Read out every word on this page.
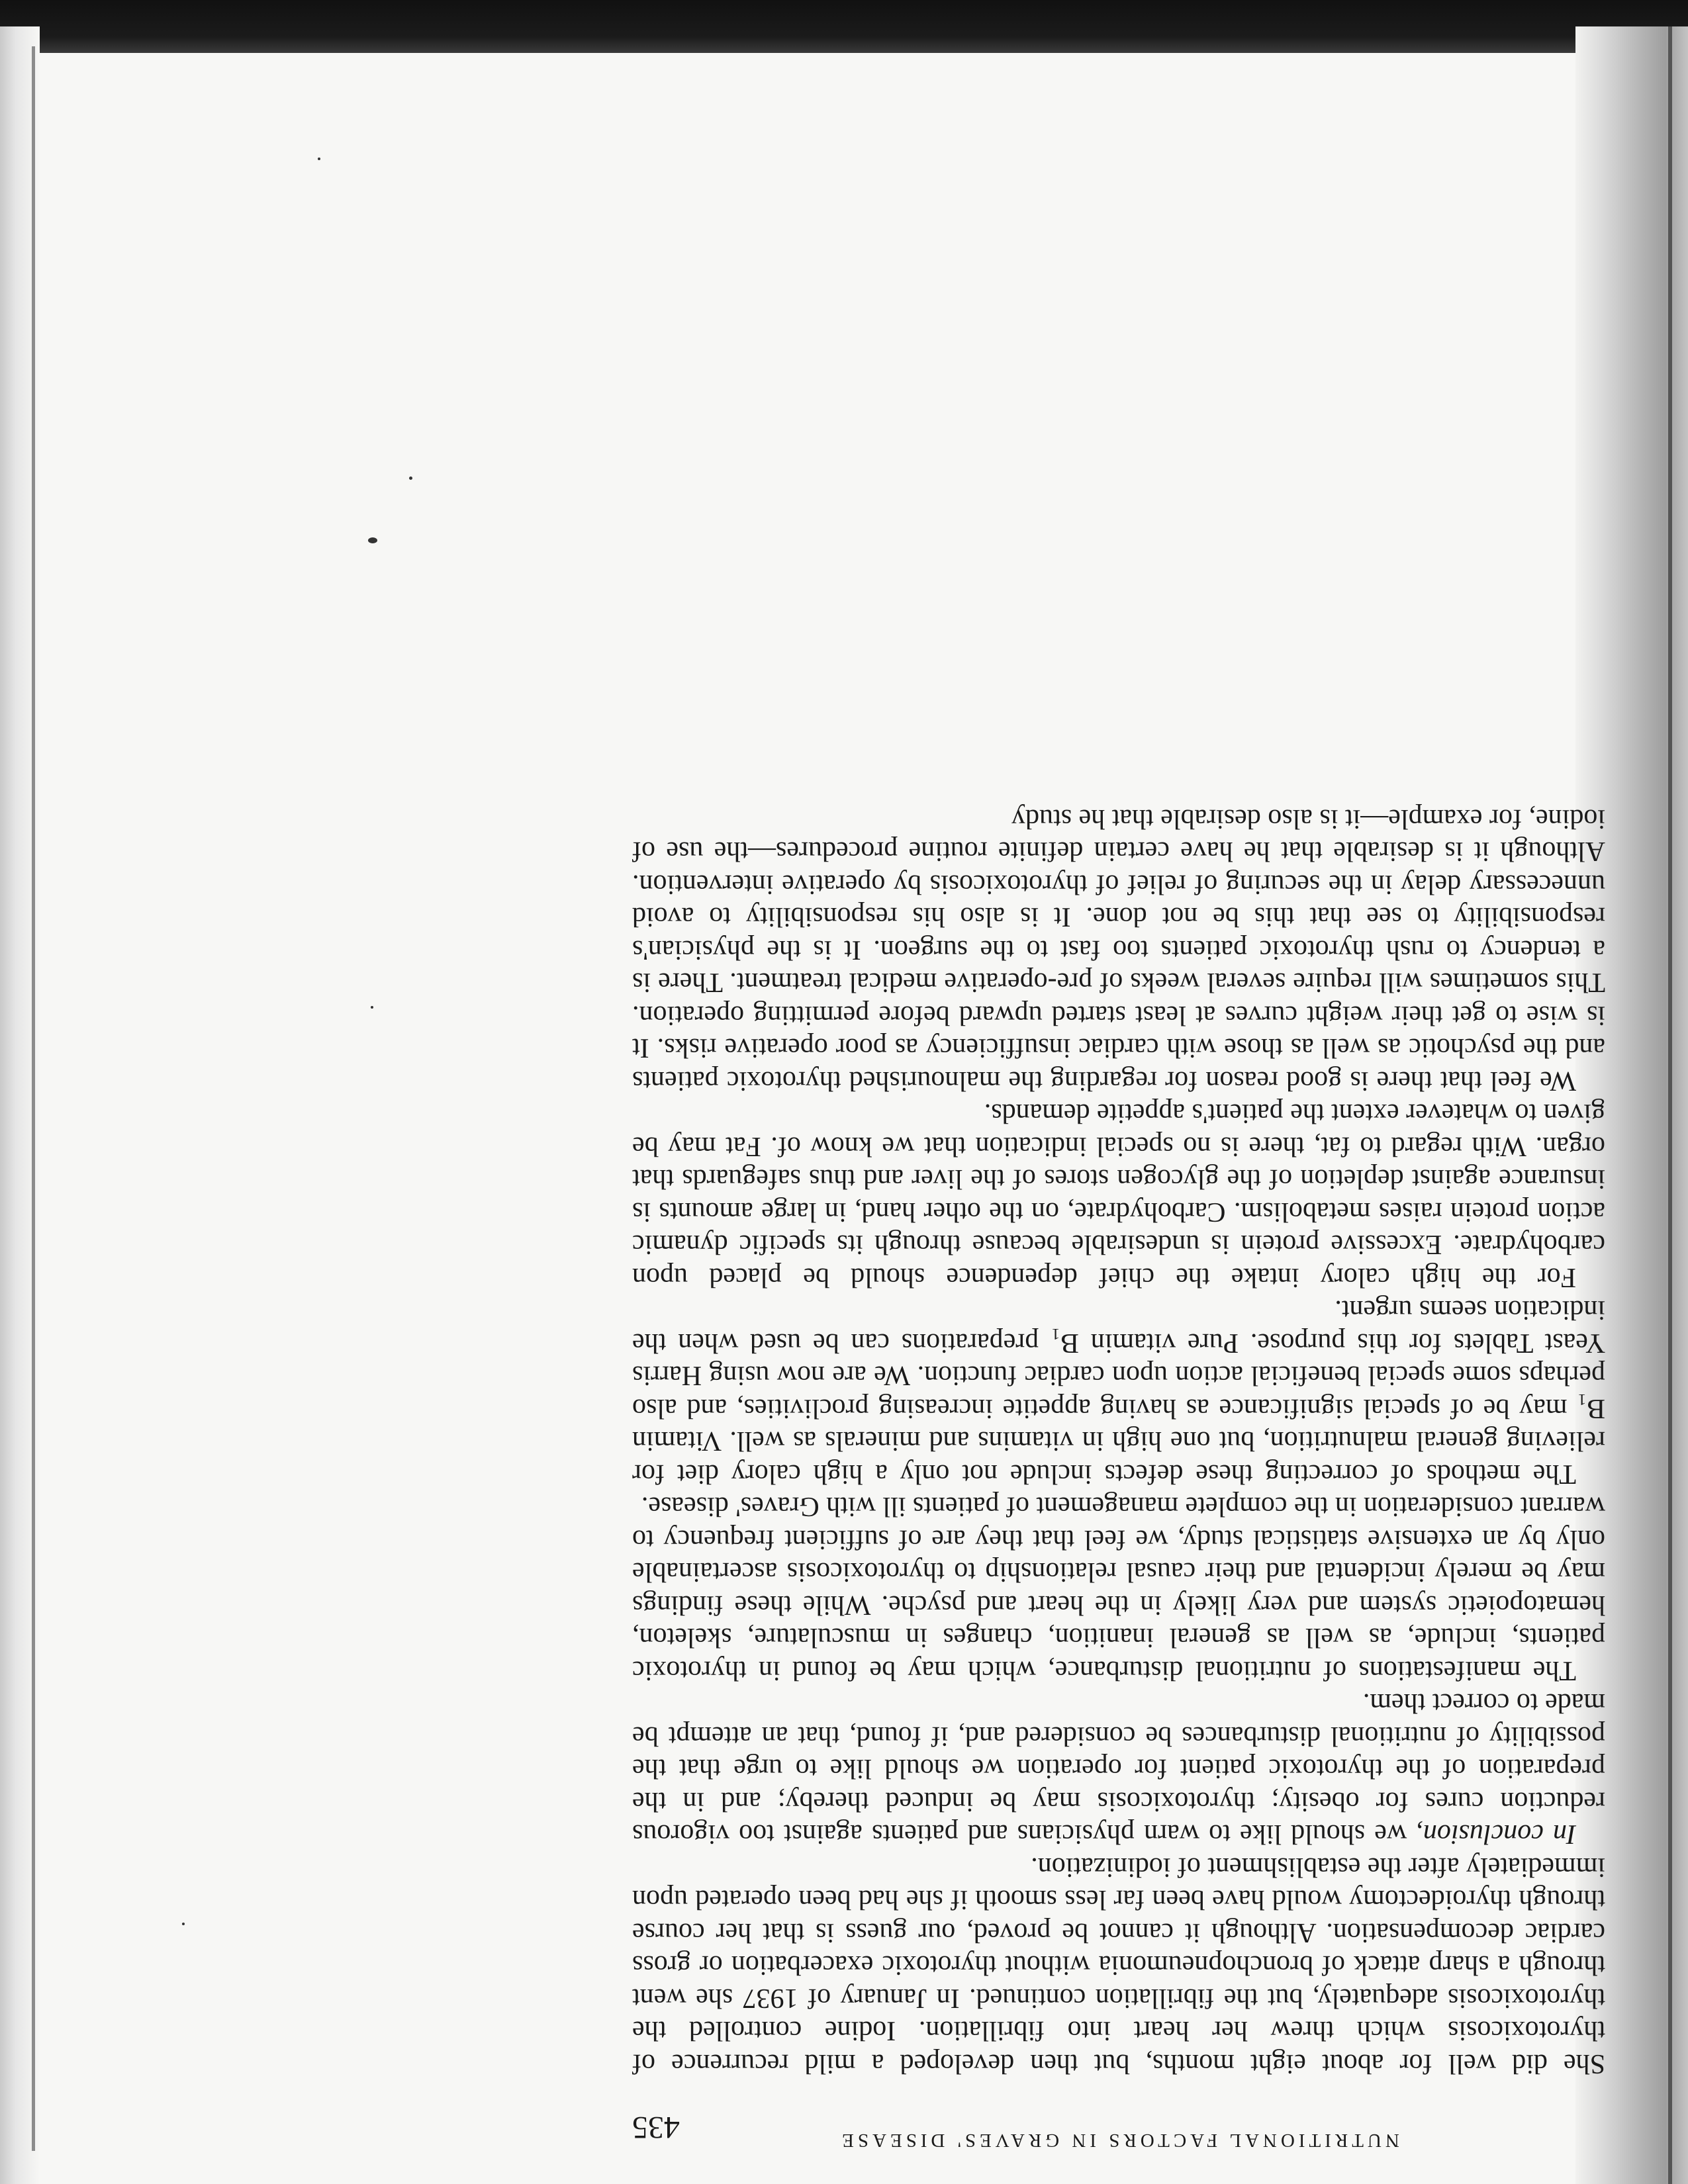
NUTRITIONAL FACTORS IN GRAVES' DISEASE
435

She did well for about eight months, but then developed a mild recurrence of thyrotoxicosis which threw her heart into fibrillation. Iodine controlled the thyrotoxicosis adequately, but the fibrillation continued. In January of 1937 she went through a sharp attack of bronchopneumonia without thyrotoxic exacerbation or gross cardiac decompensation. Although it cannot be proved, our guess is that her course through thyroidectomy would have been far less smooth if she had been operated upon immediately after the establishment of iodinization.

In conclusion, we should like to warn physicians and patients against too vigorous reduction cures for obesity; thyrotoxicosis may be induced thereby; and in the preparation of the thyrotoxic patient for operation we should like to urge that the possibility of nutritional disturbances be considered and, if found, that an attempt be made to correct them.

The manifestations of nutritional disturbance, which may be found in thyrotoxic patients, include, as well as general inanition, changes in musculature, skeleton, hematopoietic system and very likely in the heart and psyche. While these findings may be merely incidental and their causal relationship to thyrotoxicosis ascertainable only by an extensive statistical study, we feel that they are of sufficient frequency to warrant consideration in the complete management of patients ill with Graves' disease.

The methods of correcting these defects include not only a high calory diet for relieving general malnutrition, but one high in vitamins and minerals as well. Vitamin B₁ may be of special significance as having appetite increasing proclivities, and also perhaps some special beneficial action upon cardiac function. We are now using Harris Yeast Tablets for this purpose. Pure vitamin B₁ preparations can be used when the indication seems urgent.

For the high calory intake the chief dependence should be placed upon carbohydrate. Excessive protein is undesirable because through its specific dynamic action protein raises metabolism. Carbohydrate, on the other hand, in large amounts is insurance against depletion of the glycogen stores of the liver and thus safeguards that organ. With regard to fat, there is no special indication that we know of. Fat may be given to whatever extent the patient's appetite demands.

We feel that there is good reason for regarding the malnourished thyrotoxic patients and the psychotic as well as those with cardiac insufficiency as poor operative risks. It is wise to get their weight curves at least started upward before permitting operation. This sometimes will require several weeks of pre-operative medical treatment. There is a tendency to rush thyrotoxic patients too fast to the surgeon. It is the physician's responsibility to see that this be not done. It is also his responsibility to avoid unnecessary delay in the securing of relief of thyrotoxicosis by operative intervention. Although it is desirable that he have certain definite routine procedures—the use of iodine, for example—it is also desirable that he study
